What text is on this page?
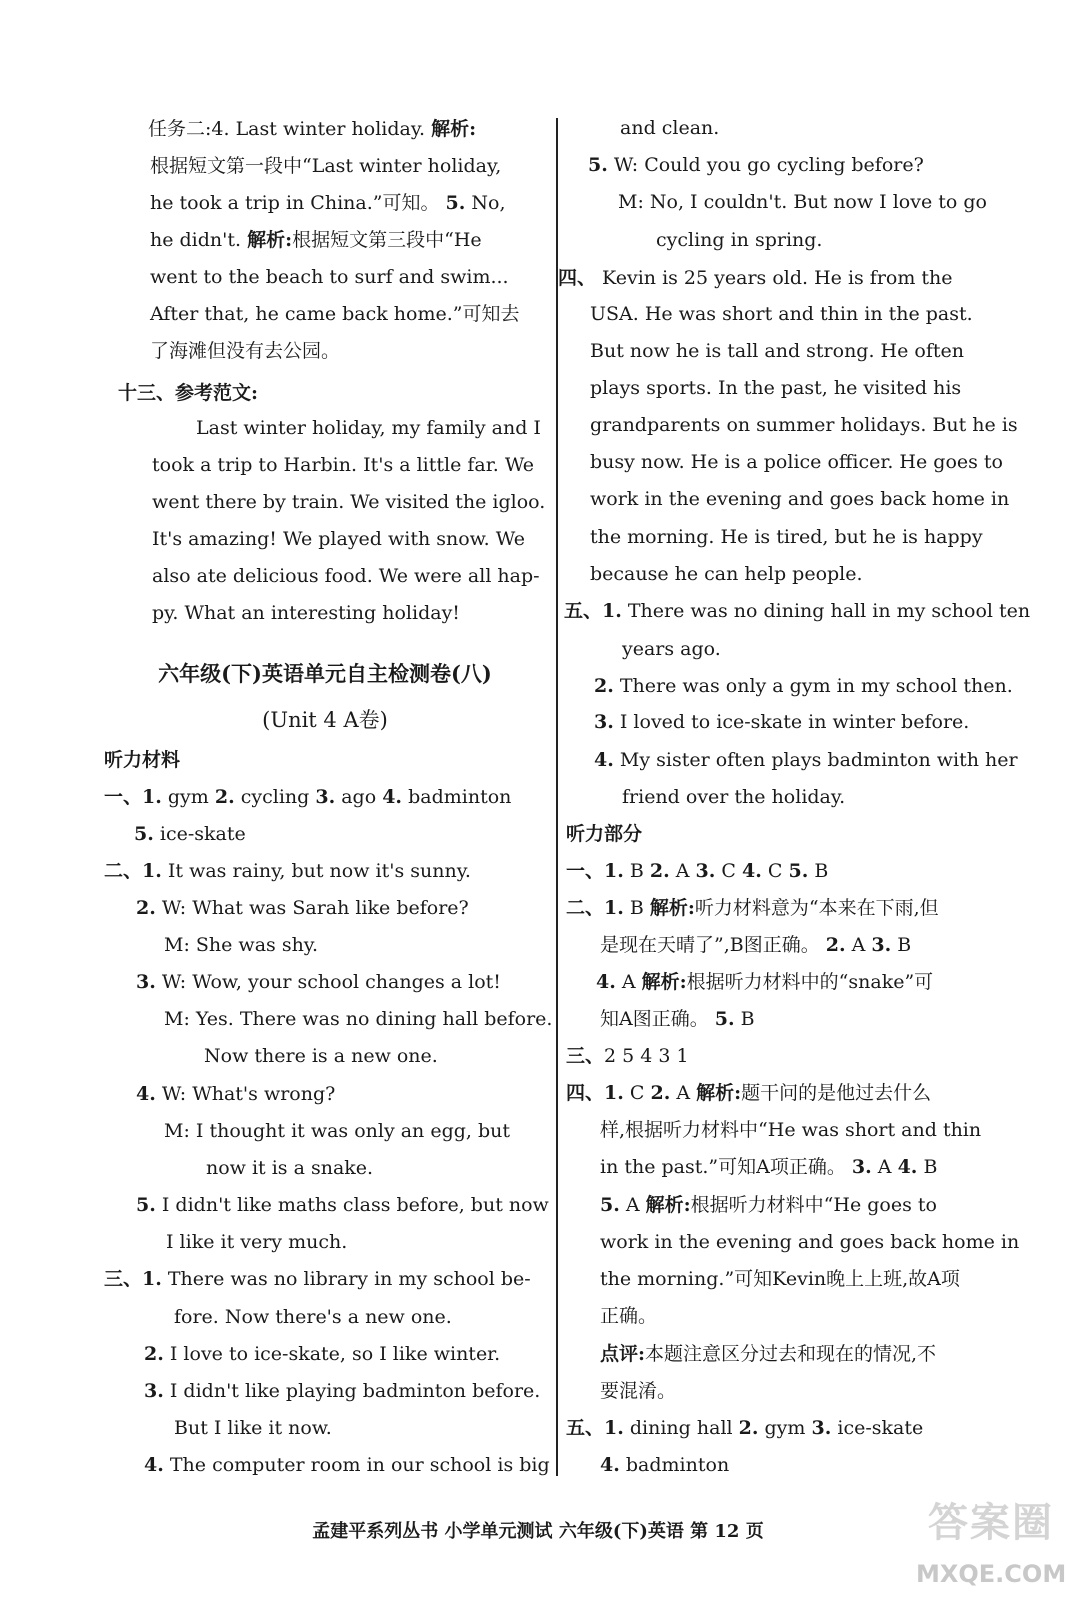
任务二:4. Last winter holiday. 解析:
根据短文第一段中“Last winter holiday,
he took a trip in China.”可知。 5. No,
he didn't. 解析:根据短文第三段中“He
went to the beach to surf and swim...
After that, he came back home.”可知去
了海滩但没有去公园。
十三、参考范文:
Last winter holiday, my family and I
took a trip to Harbin. It's a little far. We
went there by train. We visited the igloo.
It's amazing! We played with snow. We
also ate delicious food. We were all hap-
py. What an interesting holiday!
六年级(下)英语单元自主检测卷(八)
(Unit 4 A卷)
听力材料
一、1. gym 2. cycling 3. ago 4. badminton
5. ice-skate
二、1. It was rainy, but now it's sunny.
2. W: What was Sarah like before?
M: She was shy.
3. W: Wow, your school changes a lot!
M: Yes. There was no dining hall before.
Now there is a new one.
4. W: What's wrong?
M: I thought it was only an egg, but
now it is a snake.
5. I didn't like maths class before, but now
I like it very much.
三、1. There was no library in my school be-
fore. Now there's a new one.
2. I love to ice-skate, so I like winter.
3. I didn't like playing badminton before.
But I like it now.
4. The computer room in our school is big
and clean.
5. W: Could you go cycling before?
M: No, I couldn't. But now I love to go
cycling in spring.
四、 Kevin is 25 years old. He is from the
USA. He was short and thin in the past.
But now he is tall and strong. He often
plays sports. In the past, he visited his
grandparents on summer holidays. But he is
busy now. He is a police officer. He goes to
work in the evening and goes back home in
the morning. He is tired, but he is happy
because he can help people.
五、1. There was no dining hall in my school ten
years ago.
2. There was only a gym in my school then.
3. I loved to ice-skate in winter before.
4. My sister often plays badminton with her
friend over the holiday.
听力部分
一、1. B 2. A 3. C 4. C 5. B
二、1. B 解析:听力材料意为“本来在下雨,但
是现在天晴了”,B图正确。 2. A 3. B
4. A 解析:根据听力材料中的“snake”可
知A图正确。 5. B
三、2 5 4 3 1
四、1. C 2. A 解析:题干问的是他过去什么
样,根据听力材料中“He was short and thin
in the past.”可知A项正确。 3. A 4. B
5. A 解析:根据听力材料中“He goes to
work in the evening and goes back home in
the morning.”可知Kevin晚上上班,故A项
正确。
点评:本题注意区分过去和现在的情况,不
要混淆。
五、1. dining hall 2. gym 3. ice-skate
4. badminton
孟建平系列丛书 小学单元测试 六年级(下)英语 第 12 页	答案圈
MXQE.COM
